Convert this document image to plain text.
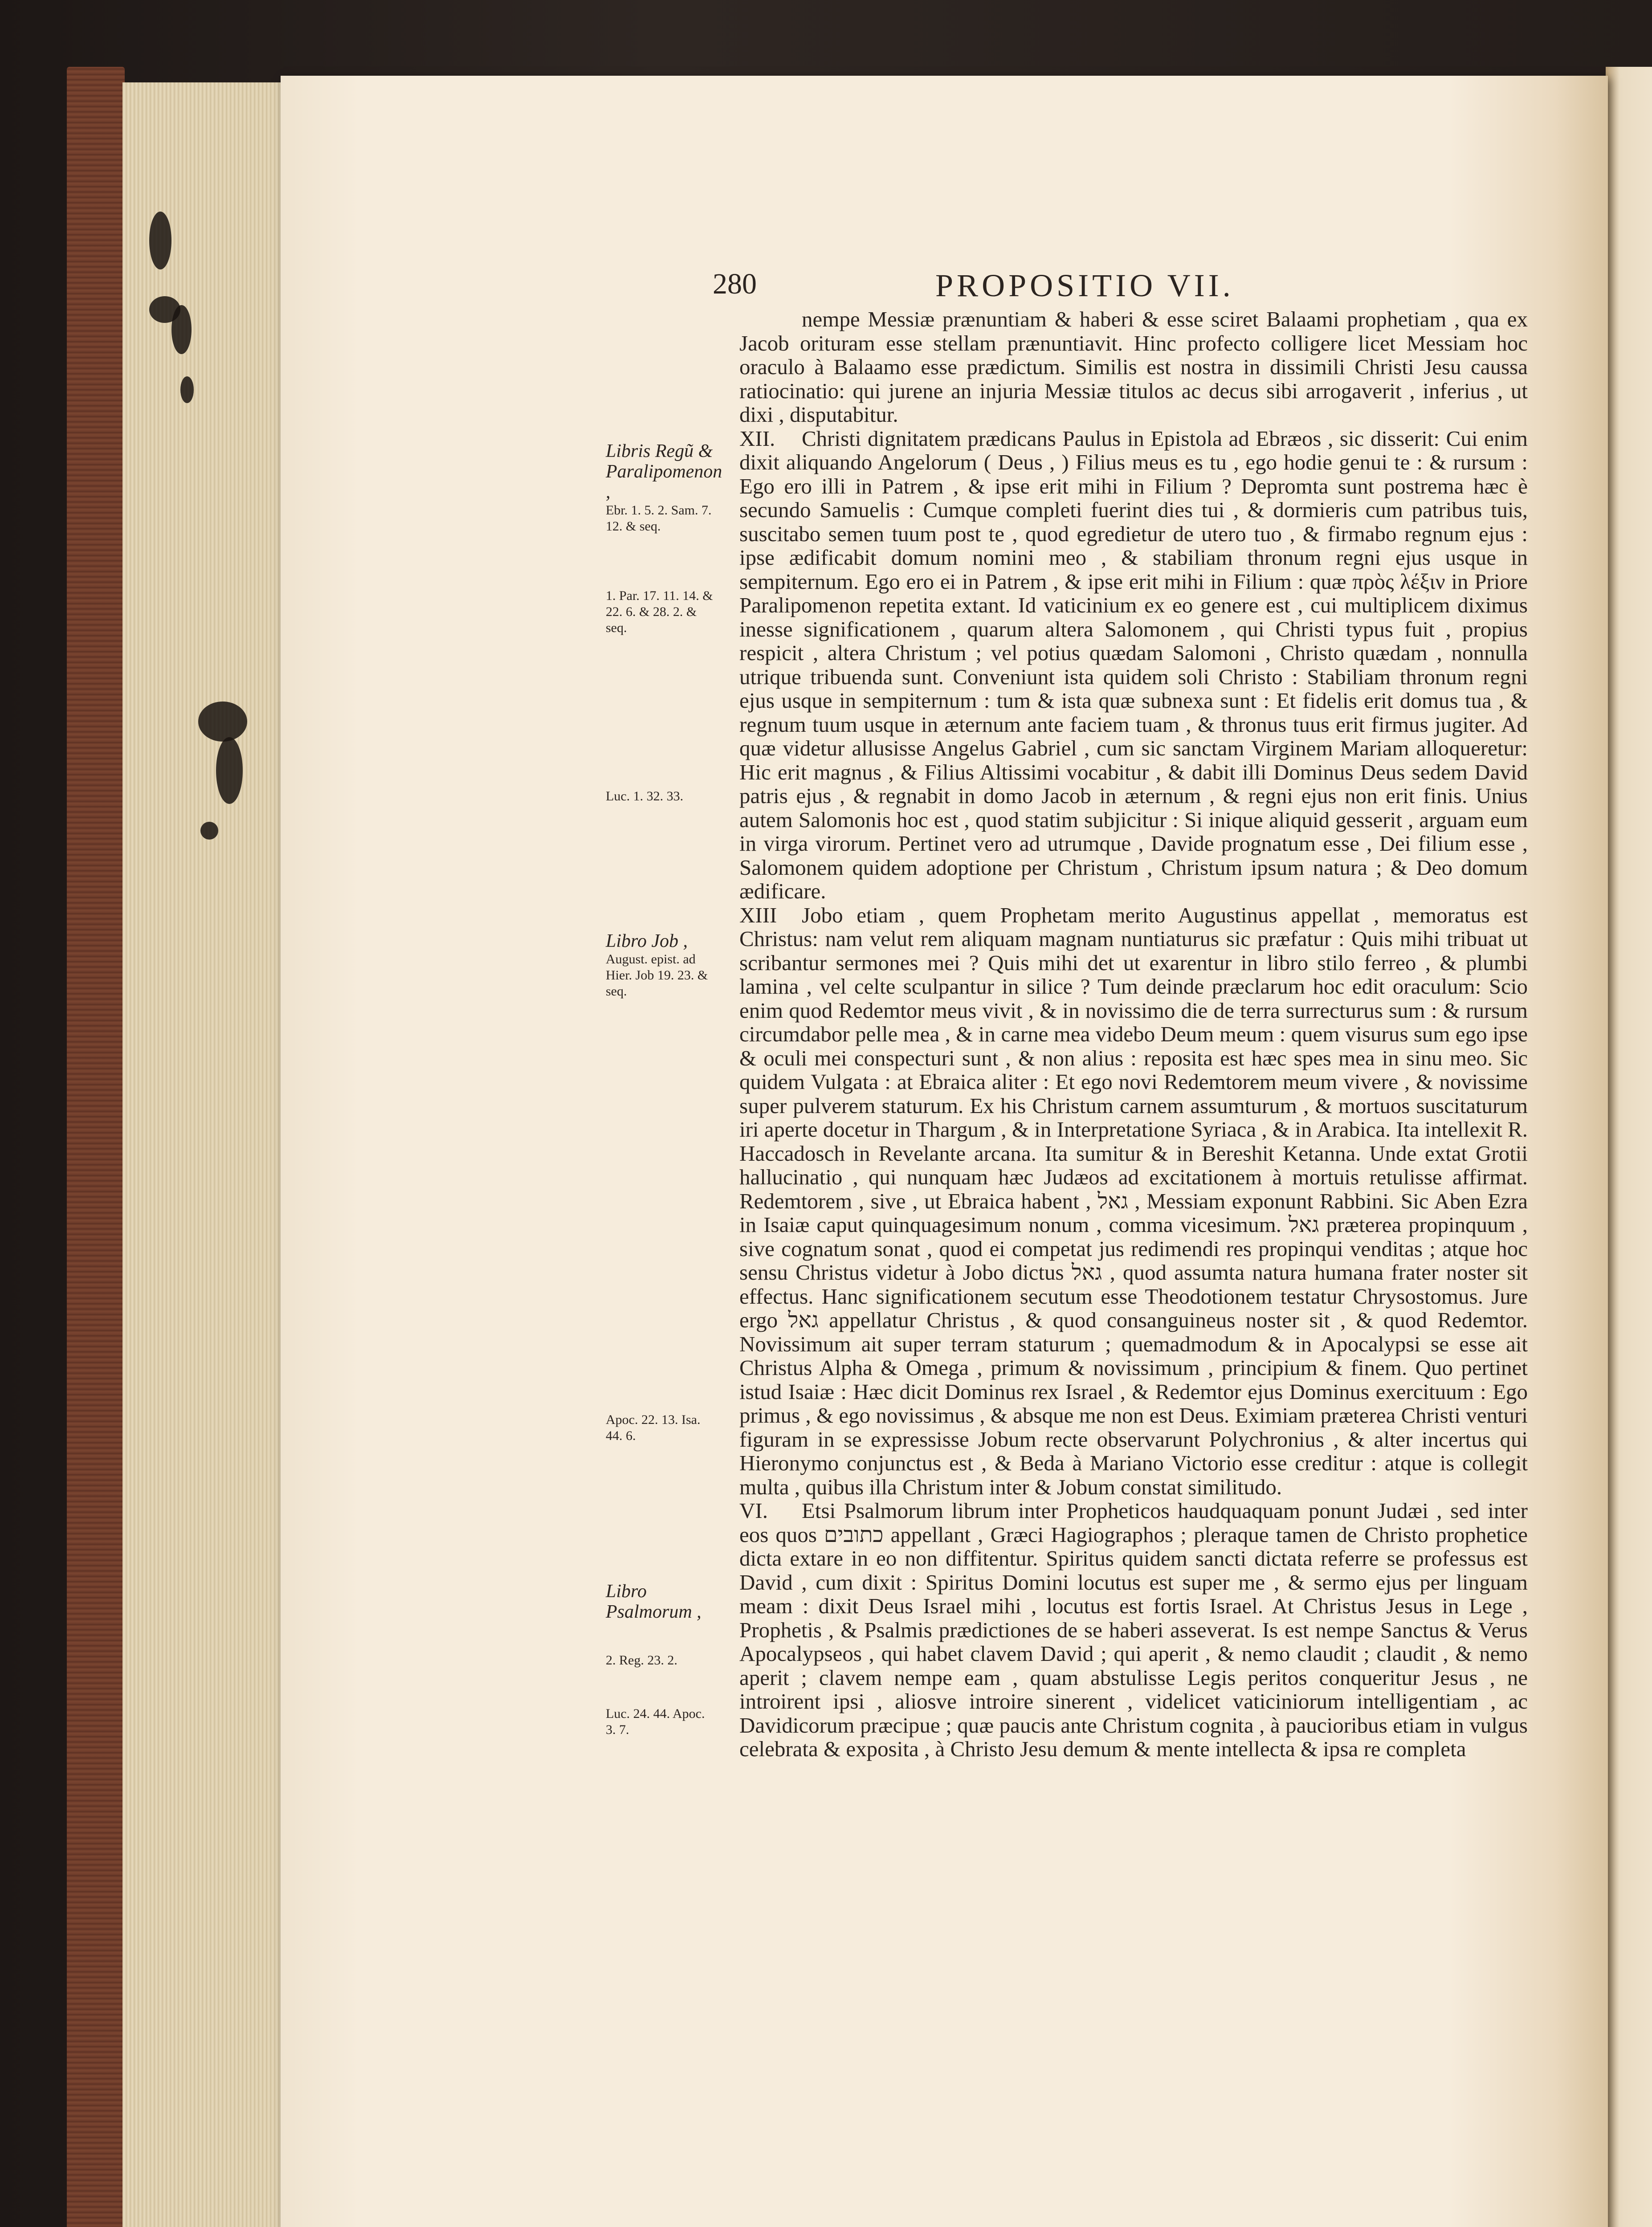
280	PROPOSITIO VII.
Libris Regũ & Paralipomenon ,
Ebr. 1. 5. 2. Sam. 7. 12. & seq.
1. Par. 17. 11. 14. & 22. 6. & 28. 2. & seq.
Luc. 1. 32. 33.
Libro Job ,
August. epist. ad Hier. Job 19. 23. & seq.
Apoc. 22. 13. Isa. 44. 6.
Libro Psalmorum ,
2. Reg. 23. 2.
Luc. 24. 44. Apoc. 3. 7.

nempe Messiæ prænuntiam & haberi & esse sciret Balaami prophetiam , qua ex Jacob orituram esse stellam prænuntiavit. Hinc profecto colligere licet Messiam hoc oraculo à Balaamo esse prædictum. Similis est nostra in dissimili Christi Jesu caussa ratiocinatio: qui jurene an injuria Messiæ titulos ac decus sibi arrogaverit , inferius , ut dixi , disputabitur.

XII. Christi dignitatem prædicans Paulus in Epistola ad Ebræos , sic disserit: Cui enim dixit aliquando Angelorum ( Deus , ) Filius meus es tu , ego hodie genui te : & rursum : Ego ero illi in Patrem , & ipse erit mihi in Filium ? Depromta sunt postrema hæc è secundo Samuelis : Cumque completi fuerint dies tui , & dormieris cum patribus tuis, suscitabo semen tuum post te , quod egredietur de utero tuo , & firmabo regnum ejus : ipse ædificabit domum nomini meo , & stabiliam thronum regni ejus usque in sempiternum. Ego ero ei in Patrem , & ipse erit mihi in Filium : quæ πρὸς λέξιν in Priore Paralipomenon repetita extant. Id vaticinium ex eo genere est , cui multiplicem diximus inesse significationem , quarum altera Salomonem , qui Christi typus fuit , propius respicit , altera Christum ; vel potius quædam Salomoni , Christo quædam , nonnulla utrique tribuenda sunt. Conveniunt ista quidem soli Christo : Stabiliam thronum regni ejus usque in sempiternum : tum & ista quæ subnexa sunt : Et fidelis erit domus tua , & regnum tuum usque in æternum ante faciem tuam , & thronus tuus erit firmus jugiter. Ad quæ videtur allusisse Angelus Gabriel , cum sic sanctam Virginem Mariam alloqueretur: Hic erit magnus , & Filius Altissimi vocabitur , & dabit illi Dominus Deus sedem David patris ejus , & regnabit in domo Jacob in æternum , & regni ejus non erit finis. Unius autem Salomonis hoc est , quod statim subjicitur : Si inique aliquid gesserit , arguam eum in virga virorum. Pertinet vero ad utrumque , Davide prognatum esse , Dei filium esse , Salomonem quidem adoptione per Christum , Christum ipsum natura ; & Deo domum ædificare.

XIII Jobo etiam , quem Prophetam merito Augustinus appellat , memoratus est Christus: nam velut rem aliquam magnam nuntiaturus sic præfatur : Quis mihi tribuat ut scribantur sermones mei ? Quis mihi det ut exarentur in libro stilo ferreo , & plumbi lamina , vel celte sculpantur in silice ? Tum deinde præclarum hoc edit oraculum: Scio enim quod Redemtor meus vivit , & in novissimo die de terra surrecturus sum : & rursum circumdabor pelle mea , & in carne mea videbo Deum meum : quem visurus sum ego ipse & oculi mei conspecturi sunt , & non alius : reposita est hæc spes mea in sinu meo. Sic quidem Vulgata : at Ebraica aliter : Et ego novi Redemtorem meum vivere , & novissime super pulverem staturum. Ex his Christum carnem assumturum , & mortuos suscitaturum iri aperte docetur in Thargum , & in Interpretatione Syriaca , & in Arabica. Ita intellexit R. Haccadosch in Revelante arcana. Ita sumitur & in Bereshit Ketanna. Unde extat Grotii hallucinatio , qui nunquam hæc Judæos ad excitationem à mortuis retulisse affirmat. Redemtorem , sive , ut Ebraica habent , גאל , Messiam exponunt Rabbini. Sic Aben Ezra in Isaiæ caput quinquagesimum nonum , comma vicesimum. גאל præterea propinquum , sive cognatum sonat , quod ei competat jus redimendi res propinqui venditas ; atque hoc sensu Christus videtur à Jobo dictus גאל , quod assumta natura humana frater noster sit effectus. Hanc significationem secutum esse Theodotionem testatur Chrysostomus. Jure ergo גאל appellatur Christus , & quod consanguineus noster sit , & quod Redemtor. Novissimum ait super terram staturum ; quemadmodum & in Apocalypsi se esse ait Christus Alpha & Omega , primum & novissimum , principium & finem. Quo pertinet istud Isaiæ : Hæc dicit Dominus rex Israel , & Redemtor ejus Dominus exercituum : Ego primus , & ego novissimus , & absque me non est Deus. Eximiam præterea Christi venturi figuram in se expressisse Jobum recte observarunt Polychronius , & alter incertus qui Hieronymo conjunctus est , & Beda à Mariano Victorio esse creditur : atque is collegit multa , quibus illa Christum inter & Jobum constat similitudo.

VI. Etsi Psalmorum librum inter Propheticos haudquaquam ponunt Judæi , sed inter eos quos כתובים appellant , Græci Hagiographos ; pleraque tamen de Christo prophetice dicta extare in eo non diffitentur. Spiritus quidem sancti dictata referre se professus est David , cum dixit : Spiritus Domini locutus est super me , & sermo ejus per linguam meam : dixit Deus Israel mihi , locutus est fortis Israel. At Christus Jesus in Lege , Prophetis , & Psalmis prædictiones de se haberi asseverat. Is est nempe Sanctus & Verus Apocalypseos , qui habet clavem David ; qui aperit , & nemo claudit ; claudit , & nemo aperit ; clavem nempe eam , quam abstulisse Legis peritos conqueritur Jesus , ne introirent ipsi , aliosve introire sinerent , videlicet vaticiniorum intelligentiam , ac Davidicorum præcipue ; quæ paucis ante Christum cognita , à paucioribus etiam in vulgus celebrata & exposita , à Christo Jesu demum & mente intellecta & ipsa re completa
